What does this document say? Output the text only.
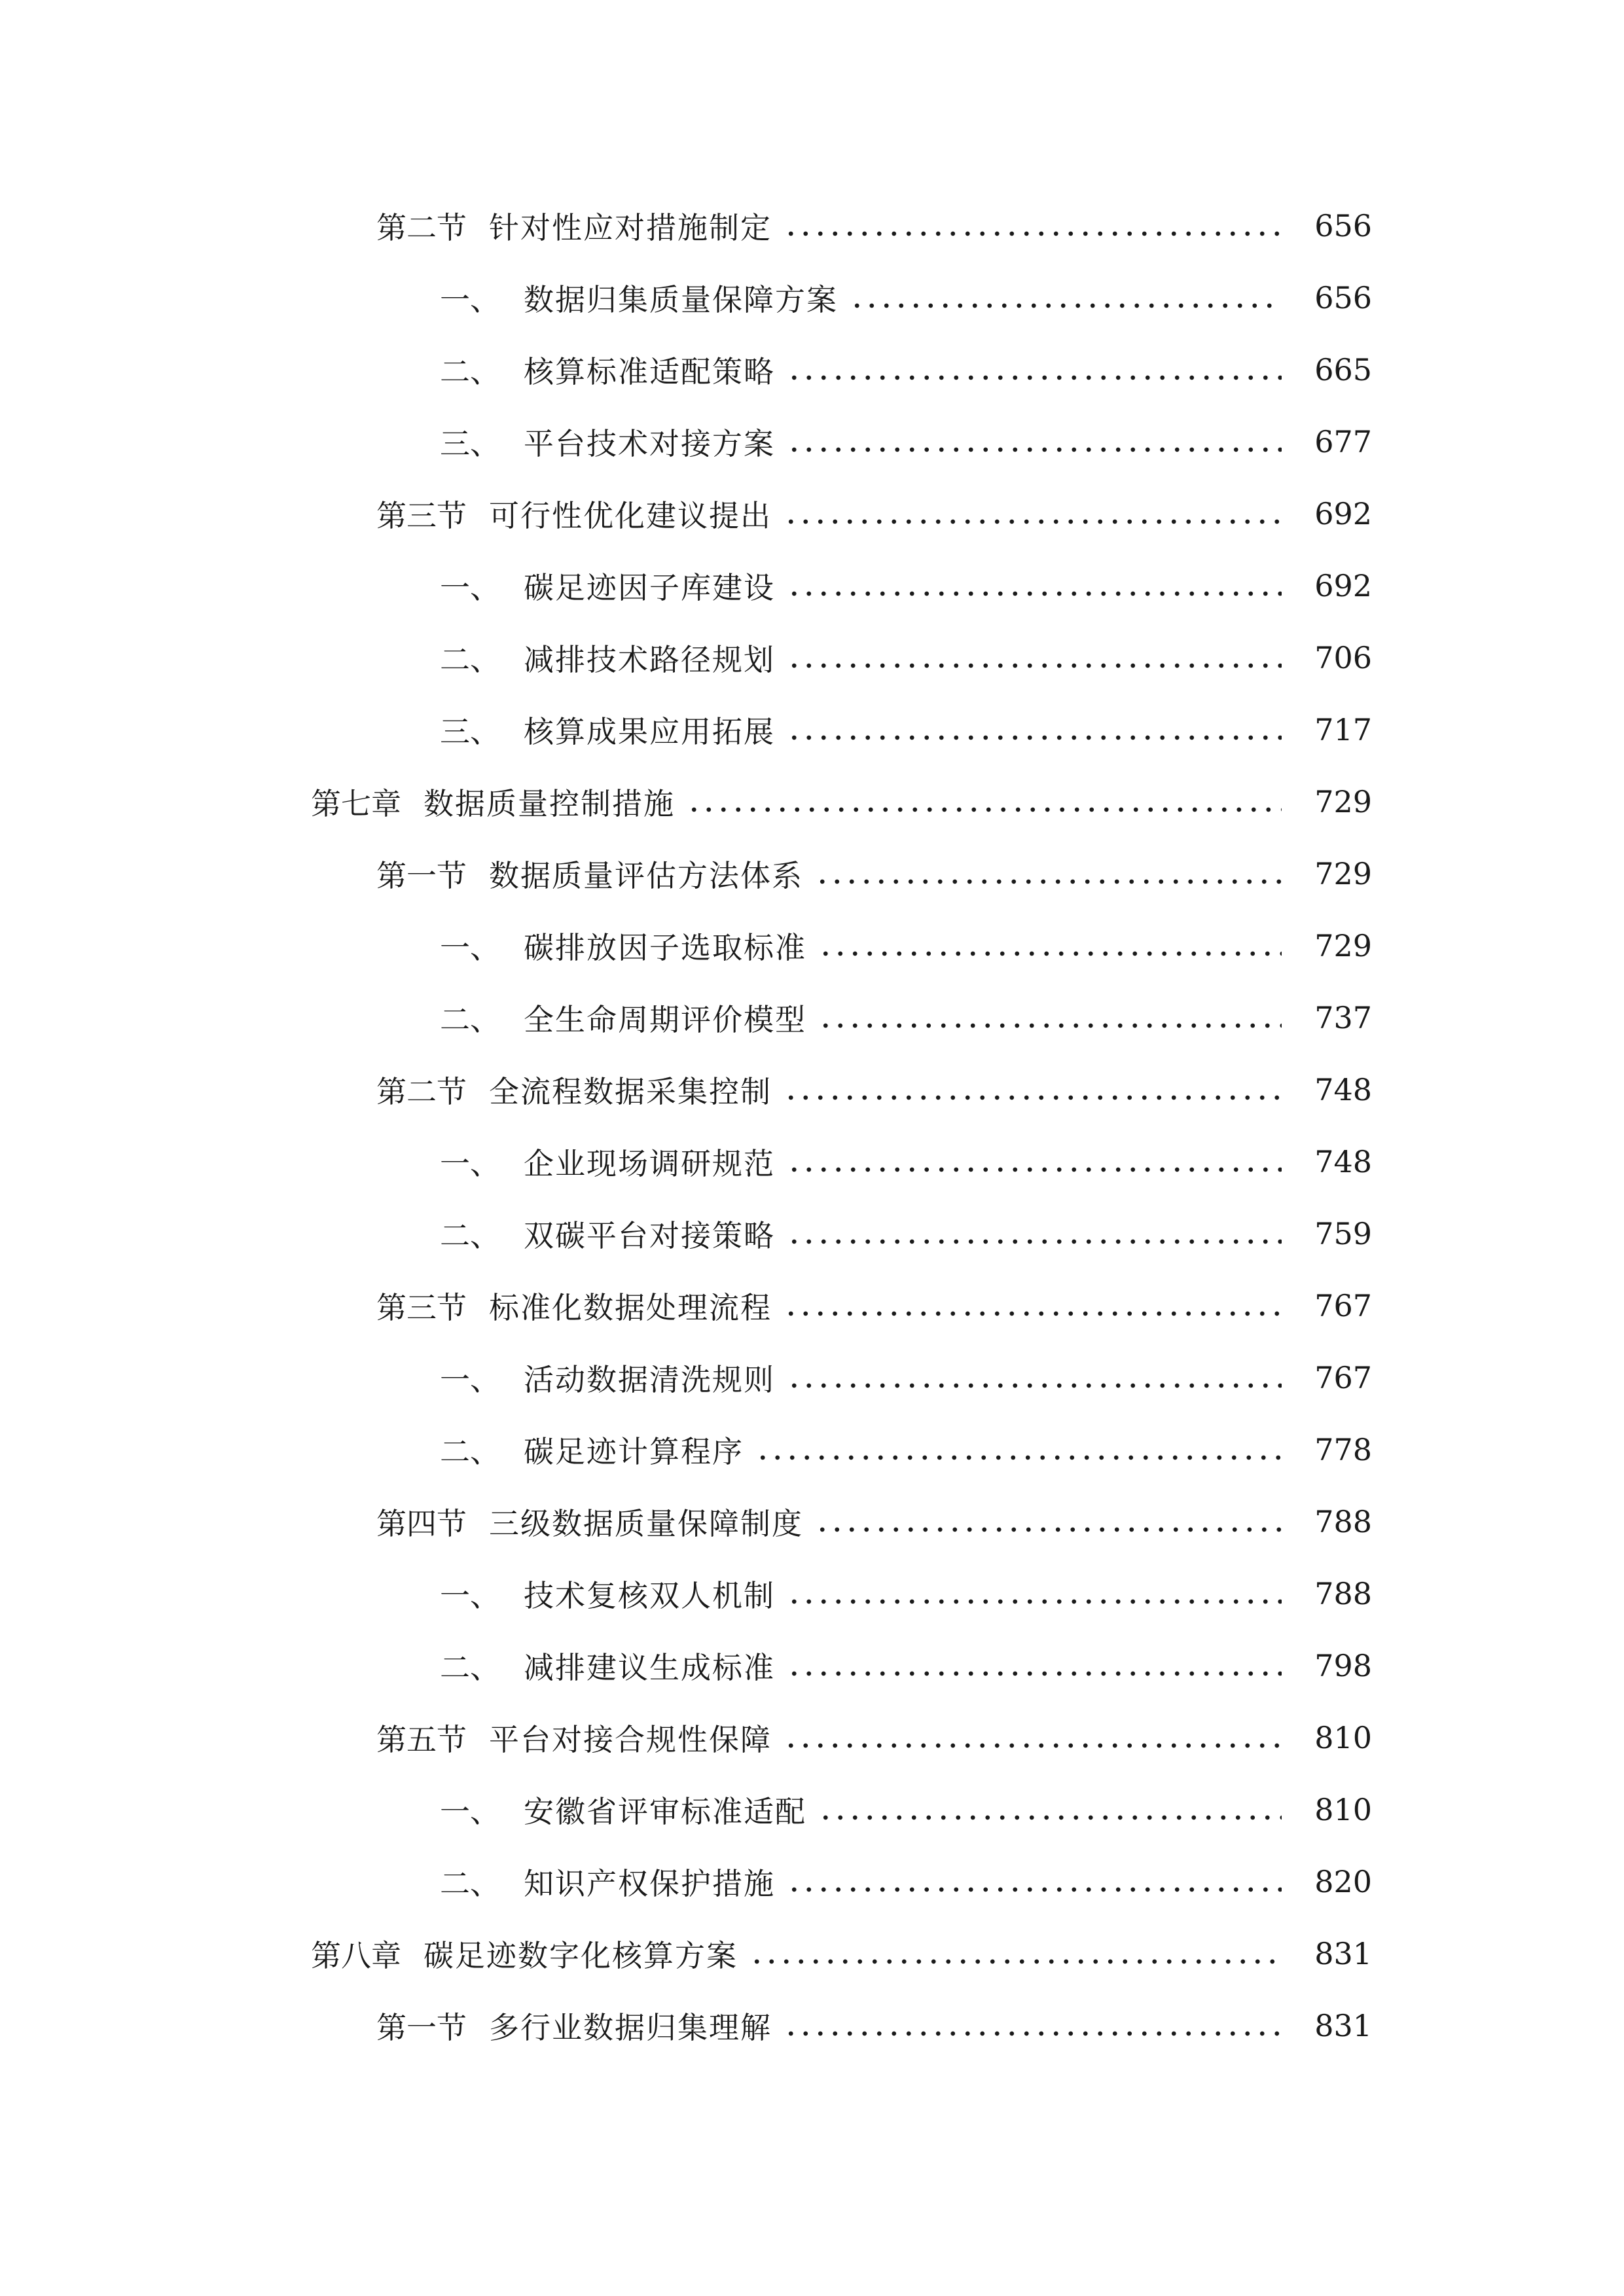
第二节 针对性应对措施制定	656
一、 数据归集质量保障方案	656
二、 核算标准适配策略	665
三、 平台技术对接方案	677
第三节 可行性优化建议提出	692
一、 碳足迹因子库建设	692
二、 减排技术路径规划	706
三、 核算成果应用拓展	717
第七章 数据质量控制措施	729
第一节 数据质量评估方法体系	729
一、 碳排放因子选取标准	729
二、 全生命周期评价模型	737
第二节 全流程数据采集控制	748
一、 企业现场调研规范	748
二、 双碳平台对接策略	759
第三节 标准化数据处理流程	767
一、 活动数据清洗规则	767
二、 碳足迹计算程序	778
第四节 三级数据质量保障制度	788
一、 技术复核双人机制	788
二、 减排建议生成标准	798
第五节 平台对接合规性保障	810
一、 安徽省评审标准适配	810
二、 知识产权保护措施	820
第八章 碳足迹数字化核算方案	831
第一节 多行业数据归集理解	831
